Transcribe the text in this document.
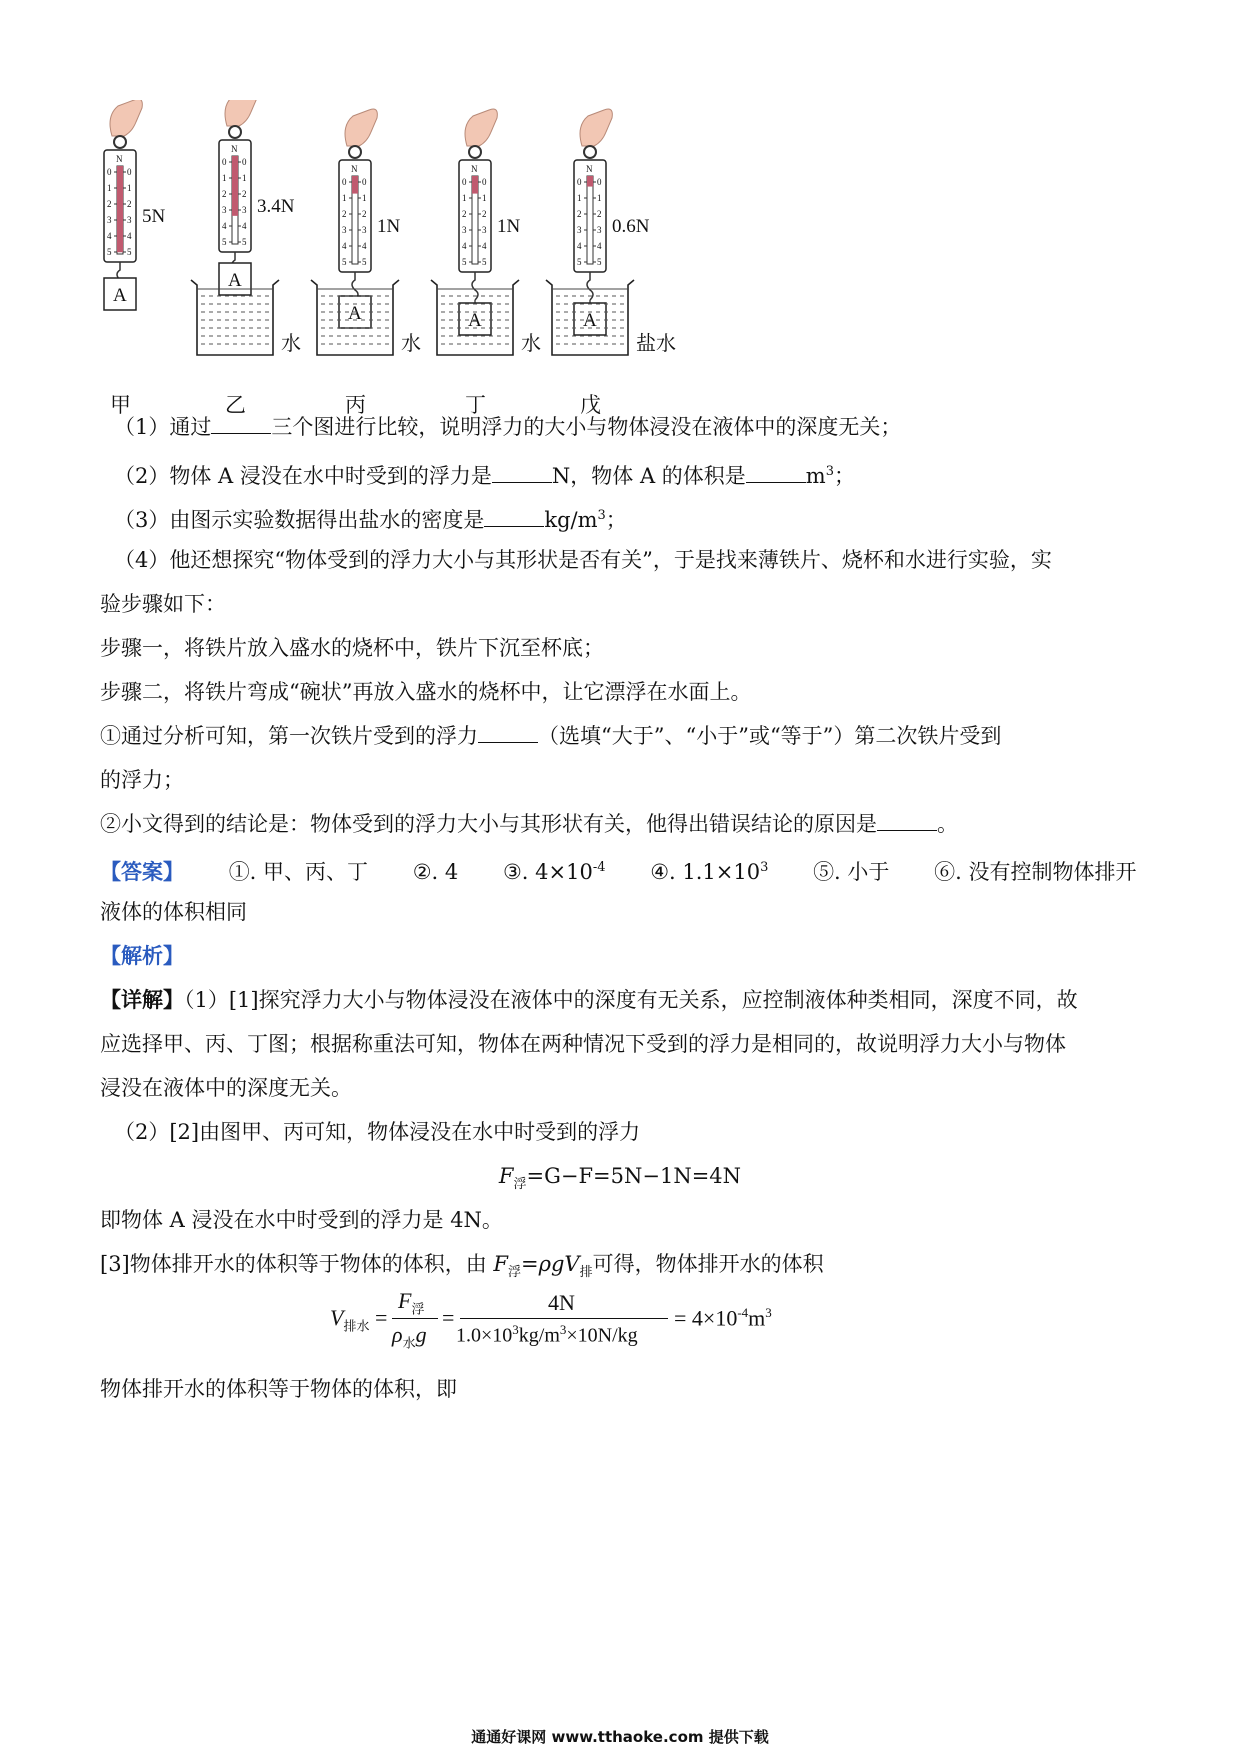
N
0 0
1 1
2 2
3 3
4 4
5 5
5N
A
甲
N
0 0
1 1
2 2
3 3
4 4
5 5
3.4N
A
水
乙
N
0 0
1 1
2 2
3 3
4 4
5 5
1N
A
水
丙
N
0 0
1 1
2 2
3 3
4 4
5 5
1N
A
水
丁
N
0 0
1 1
2 2
3 3
4 4
5 5
0.6N
A
盐水
戊
（1）通过	三个图进行比较，说明浮力的大小与物体浸没在液体中的深度无关；
（2）物体 A 浸没在水中时受到的浮力是	N，物体 A 的体积是	$m^3$；
（3）由图示实验数据得出盐水的密度是	$kg/m^3$；
（4）他还想探究“物体受到的浮力大小与其形状是否有关”，于是找来薄铁片、烧杯和水进行实验，实
验步骤如下：
步骤一，将铁片放入盛水的烧杯中，铁片下沉至杯底；
步骤二，将铁片弯成“碗状”再放入盛水的烧杯中，让它漂浮在水面上。
①通过分析可知，第一次铁片受到的浮力	（选填“大于”、“小于”或“等于”）第二次铁片受到
的浮力；
②小文得到的结论是：物体受到的浮力大小与其形状有关，他得出错误结论的原因是	。
【答案】 ①. 甲、丙、丁 ②. 4 ③. $4\times 10^{-4}$ ④. $1.1\times 10^3$ ⑤. 小于 ⑥. 没有控制物体排开
液体的体积相同
【解析】
【详解】（1）[1]探究浮力大小与物体浸没在液体中的深度有无关系，应控制液体种类相同，深度不同，故
应选择甲、丙、丁图；根据称重法可知，物体在两种情况下受到的浮力是相同的，故说明浮力大小与物体
浸没在液体中的深度无关。
（2）[2]由图甲、丙可知，物体浸没在水中时受到的浮力
$F_浮=G-F=5N-1N=4N$
即物体 A 浸没在水中时受到的浮力是 4N。
[3]物体排开水的体积等于物体的体积，由 $F_浮=\rho gV_排$可得，物体排开水的体积
$V_{排水}$ =
$F_浮$
$\rho_水g$
=
4N
$1.0\times 10^3kg/m^3\times 10N/kg$
= $4\times 10^{-4}m^3$
物体排开水的体积等于物体的体积，即
通通好课网 www.tthaoke.com 提供下载
